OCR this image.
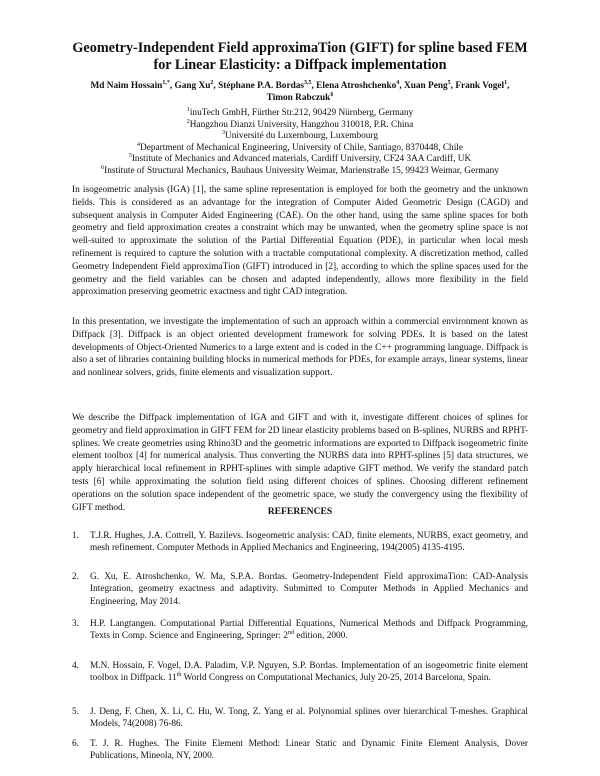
Geometry-Independent Field approximaTion (GIFT) for spline based FEM
for Linear Elasticity: a Diffpack implementation
Md Naim Hossain$^{1,*}$, Gang Xu$^2$, Stéphane P.A. Bordas$^{3,5}$, Elena Atroshchenko$^4$, Xuan Peng$^5$, Frank Vogel$^1$,
Timon Rabczuk$^6$
$^1$inuTech GmbH, Fürther Str.212, 90429 Nürnberg, Germany
$^2$Hangzhou Dianzi University, Hangzhou 310018, P.R. China
$^3$Université du Luxembourg, Luxembourg
$^4$Department of Mechanical Engineering, University of Chile, Santiago, 8370448, Chile
$^5$Institute of Mechanics and Advanced materials, Cardiff University, CF24 3AA Cardiff, UK
$^6$Institute of Structural Mechanics, Bauhaus University Weimar, Marienstraße 15, 99423 Weimar, Germany

In isogeometric analysis (IGA) [1], the same spline representation is employed for both the geometry and the unknown fields. This is considered as an advantage for the integration of Computer Aided Geometric Design (CAGD) and subsequent analysis in Computer Aided Engineering (CAE). On the other hand, using the same spline spaces for both geometry and field approximation creates a constraint which may be unwanted, when the geometry spline space is not well-suited to approximate the solution of the Partial Differential Equation (PDE), in particular when local mesh refinement is required to capture the solution with a tractable computational complexity. A discretization method, called Geometry Independent Field approximaTion (GIFT) introduced in [2], according to which the spline spaces used for the geometry and the field variables can be chosen and adapted independently, allows more flexibility in the field approximation preserving geometric exactness and tight CAD integration.

In this presentation, we investigate the implementation of such an approach within a commercial environment known as Diffpack [3]. Diffpack is an object oriented development framework for solving PDEs. It is based on the latest developments of Object-Oriented Numerics to a large extent and is coded in the C++ programming language. Diffpack is also a set of libraries containing building blocks in numerical methods for PDEs, for example arrays, linear systems, linear and nonlinear solvers, grids, finite elements and visualization support.

We describe the Diffpack implementation of IGA and GIFT and with it, investigate different choices of splines for geometry and field approximation in GIFT FEM for 2D linear elasticity problems based on B-splines, NURBS and RPHT-splines. We create geometries using Rhino3D and the geometric informations are exported to Diffpack isogeometric finite element toolbox [4] for numerical analysis. Thus converting the NURBS data into RPHT-splines [5] data structures, we apply hierarchical local refinement in RPHT-splines with simple adaptive GIFT method. We verify the standard patch tests [6] while approximating the solution field using different choices of splines. Choosing different refinement operations on the solution space independent of the geometric space, we study the convergency using the flexibility of GIFT method.	REFERENCES
1.	T.J.R. Hughes, J.A. Cottrell, Y. Bazilevs. Isogeometric analysis: CAD, finite elements, NURBS, exact geometry, and mesh refinement. Computer Methods in Applied Mechanics and Engineering, 194(2005) 4135-4195.
2.	G. Xu, E. Atroshchenko, W. Ma, S.P.A. Bordas. Geometry-Independent Field approximaTion: CAD-Analysis Integration, geometry exactness and adaptivity. Submitted to Computer Methods in Applied Mechanics and Engineering, May 2014.
3.	H.P. Langtangen. Computational Partial Differential Equations, Numerical Methods and Diffpack Programming, Texts in Comp. Science and Engineering, Springer: 2nd edition, 2000.
4.	M.N. Hossain, F. Vogel, D.A. Paladim, V.P. Nguyen, S.P. Bordas. Implementation of an isogeometric finite element toolbox in Diffpack. 11th World Congress on Computational Mechanics, July 20-25, 2014 Barcelona, Spain.
5.	J. Deng, F. Chen, X. Li, C. Hu, W. Tong, Z. Yang et al. Polynomial splines over hierarchical T-meshes. Graphical Models, 74(2008) 76-86.
6.	T. J. R. Hughes. The Finite Element Method: Linear Static and Dynamic Finite Element Analysis, Dover Publications, Mineola, NY, 2000.
